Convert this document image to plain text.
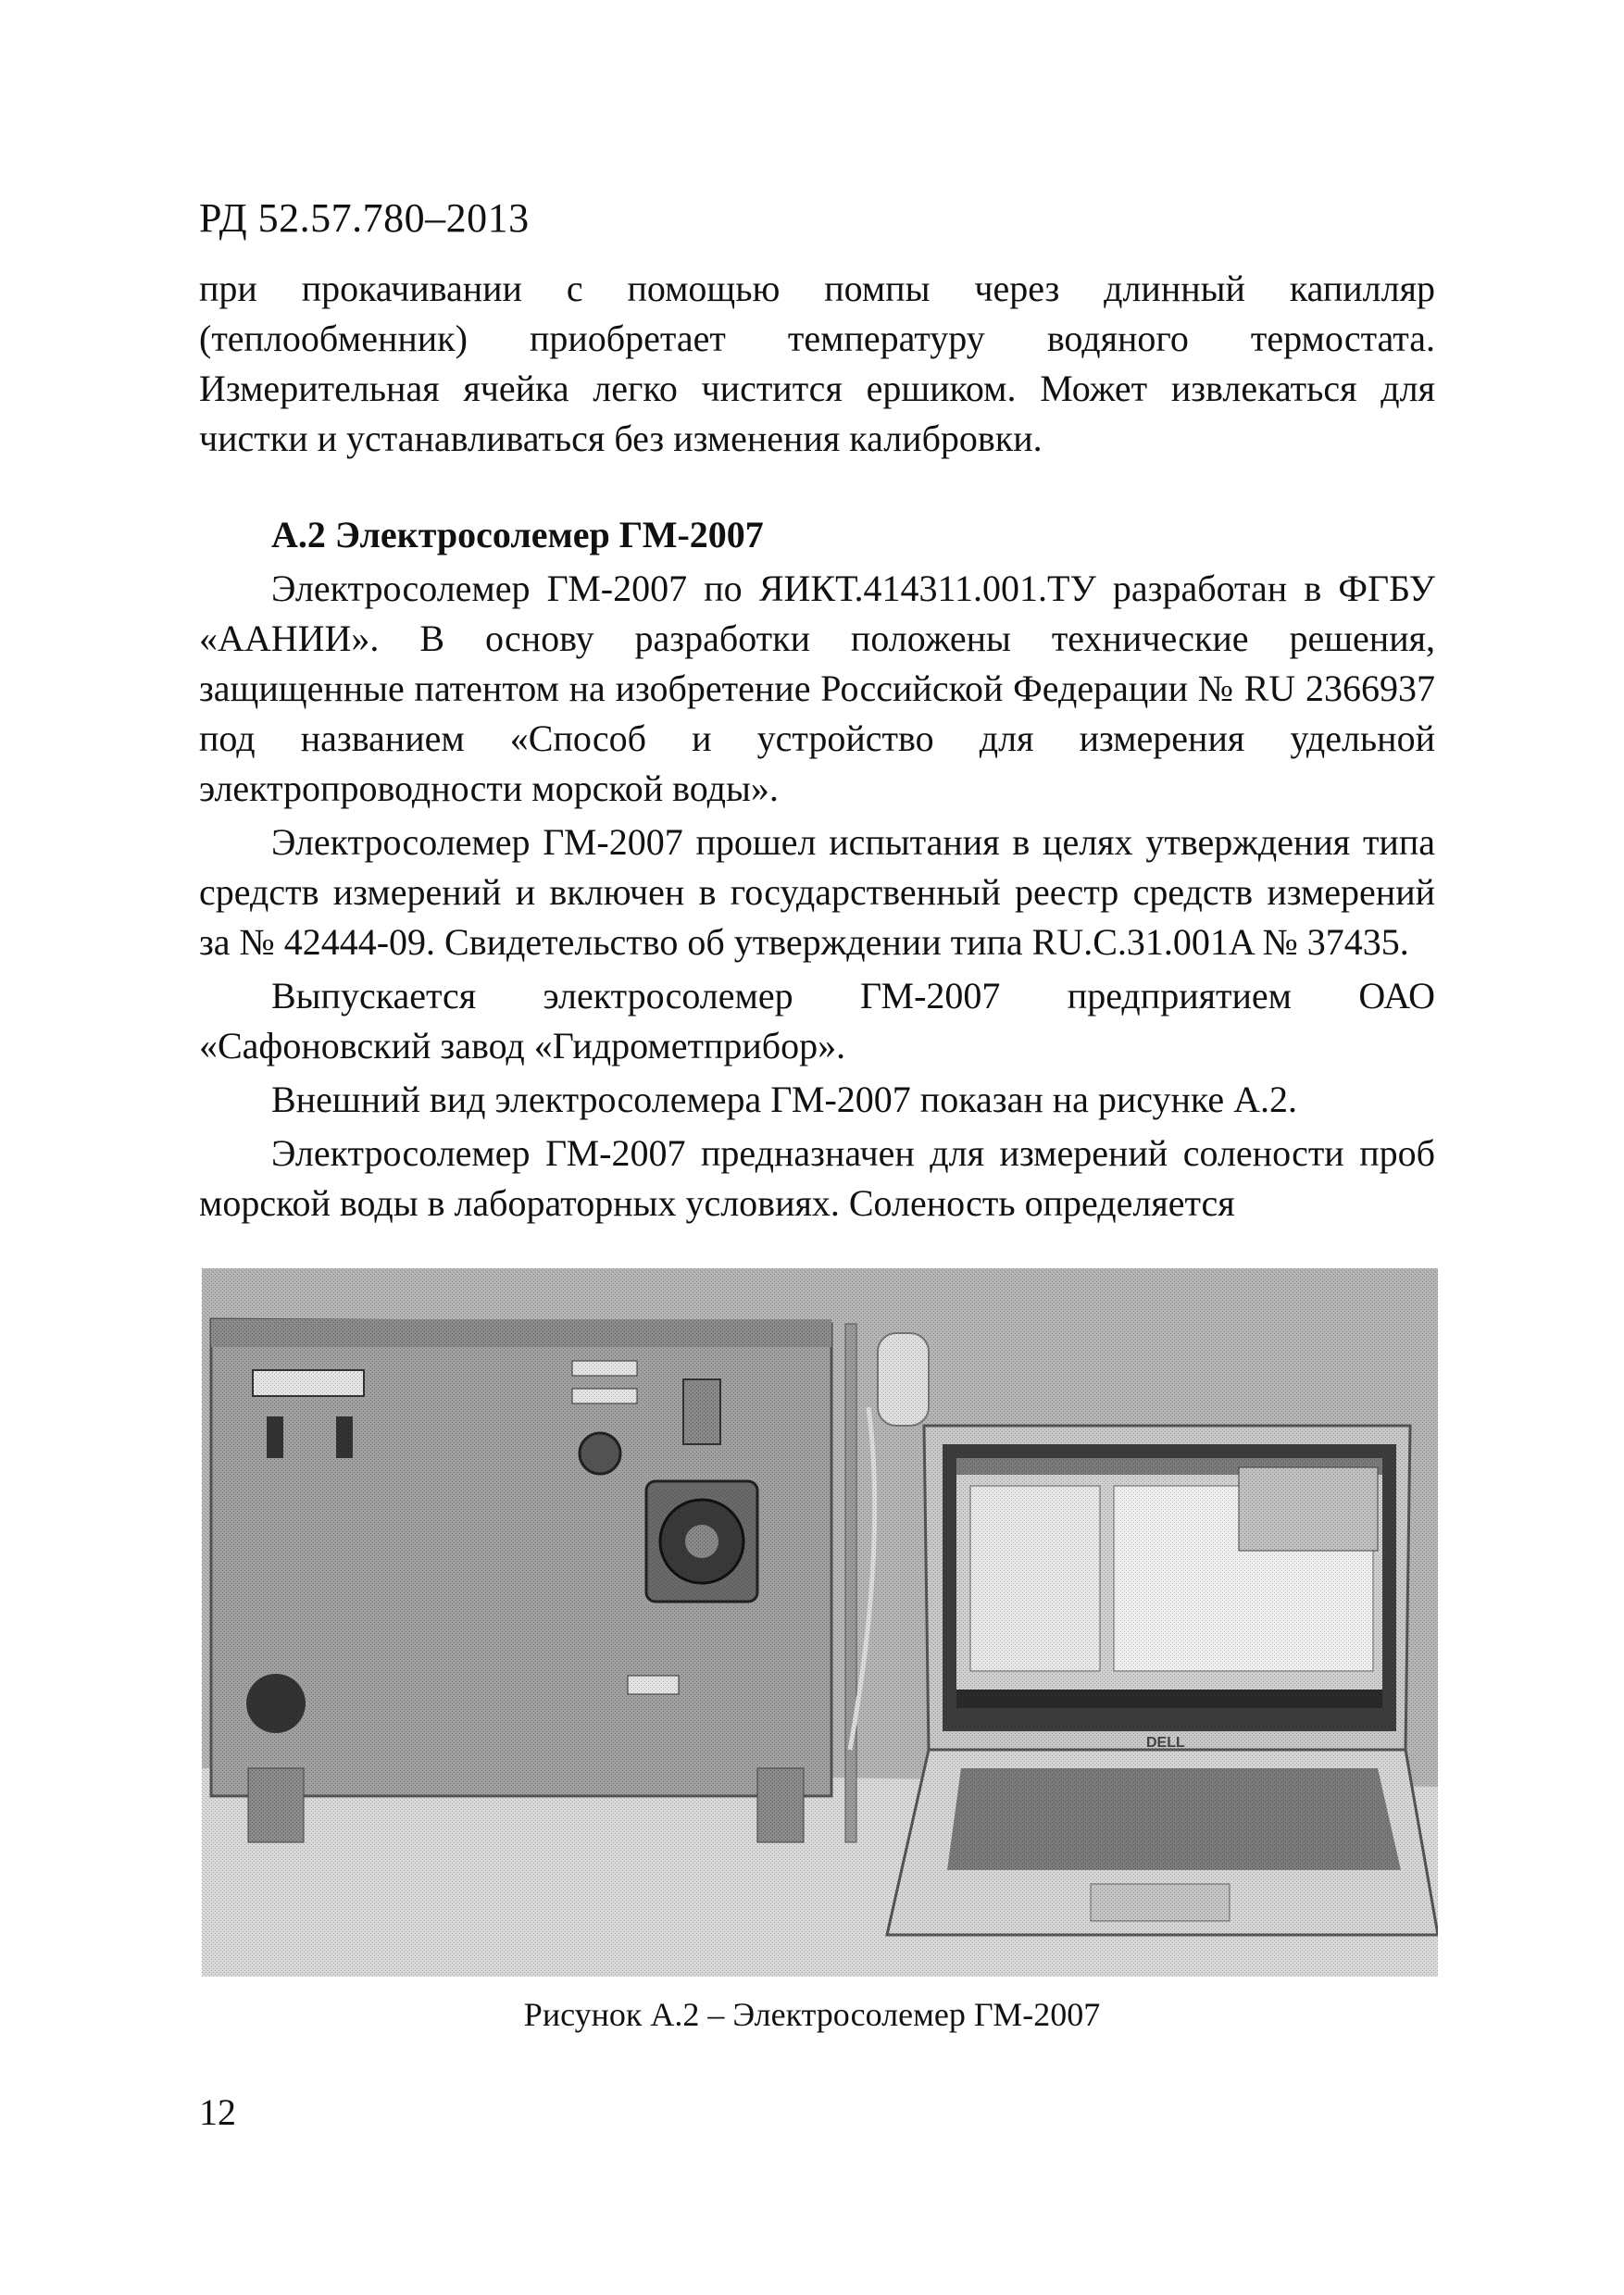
РД 52.57.780–2013

при прокачивании с помощью помпы через длинный капилляр (теплообменник) приобретает температуру водяного термостата. Измерительная ячейка легко чистится ершиком. Может извлекаться для чистки и устанавливаться без изменения калибровки.

А.2 Электросолемер ГМ-2007

Электросолемер ГМ-2007 по ЯИКТ.414311.001.ТУ разработан в ФГБУ «ААНИИ». В основу разработки положены технические решения, защищенные патентом на изобретение Российской Федерации № RU 2366937 под названием «Способ и устройство для измерения удельной электропроводности морской воды».

Электросолемер ГМ-2007 прошел испытания в целях утверждения типа средств измерений и включен в государственный реестр средств измерений за № 42444-09. Свидетельство об утверждении типа RU.C.31.001A № 37435.

Выпускается электросолемер ГМ-2007 предприятием ОАО «Сафоновский завод «Гидрометприбор».

Внешний вид электросолемера ГМ-2007 показан на рисунке А.2.

Электросолемер ГМ-2007 предназначен для измерений солености проб морской воды в лабораторных условиях. Соленость определяется

Рисунок А.2 – Электросолемер ГМ-2007
12
